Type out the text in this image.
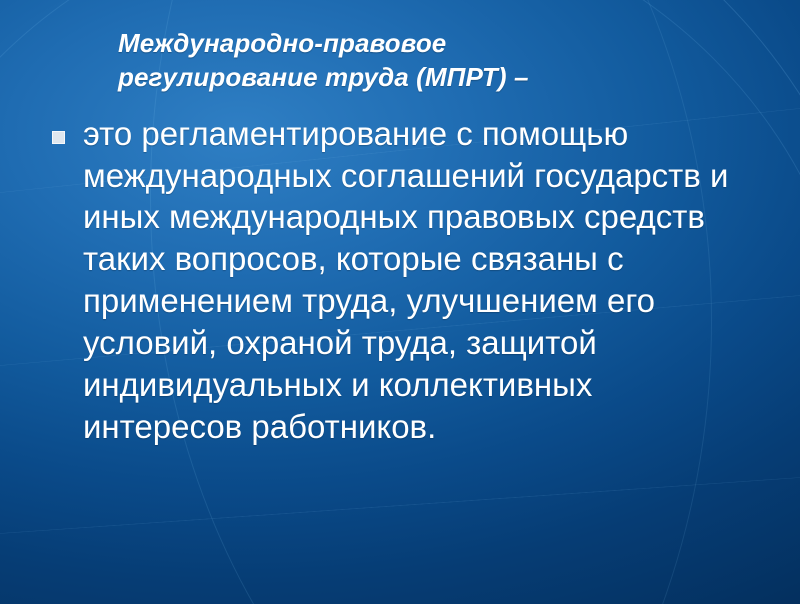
Международно-правовое
регулирование труда (МПРТ) –
это регламентирование с помощью международных соглашений государств и иных международных правовых средств таких вопросов, которые связаны с применением труда, улучшением его условий, охраной труда, защитой индивидуальных и коллективных интересов работников.
